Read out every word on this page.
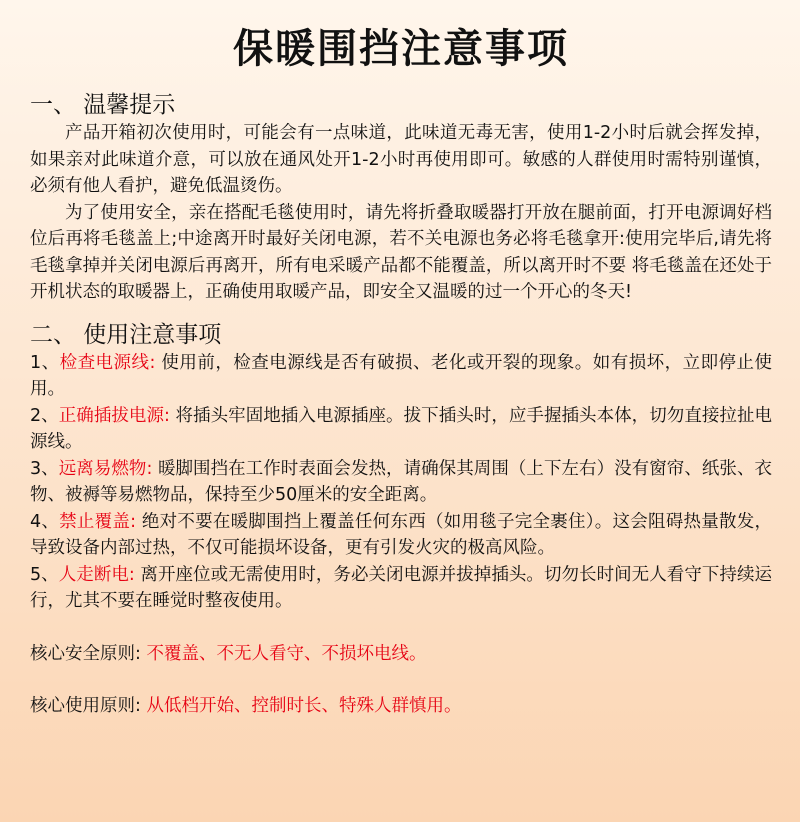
保暖围挡注意事项
一、 温馨提示

产品开箱初次使用时，可能会有一点味道，此味道无毒无害，使用1-2小时后就会挥发掉，如果亲对此味道介意，可以放在通风处开1-2小时再使用即可。敏感的人群使用时需特别谨慎，必须有他人看护，避免低温烫伤。

为了使用安全，亲在搭配毛毯使用时，请先将折叠取暖器打开放在腿前面，打开电源调好档位后再将毛毯盖上;中途离开时最好关闭电源，若不关电源也务必将毛毯拿开:使用完毕后,请先将毛毯拿掉并关闭电源后再离开，所有电采暖产品都不能覆盖，所以离开时不要 将毛毯盖在还处于开机状态的取暖器上，正确使用取暖产品，即安全又温暖的过一个开心的冬天!

二、 使用注意事项

1、检查电源线: 使用前，检查电源线是否有破损、老化或开裂的现象。如有损坏，立即停止使用。

2、正确插拔电源: 将插头牢固地插入电源插座。拔下插头时，应手握插头本体，切勿直接拉扯电源线。

3、远离易燃物: 暖脚围挡在工作时表面会发热，请确保其周围（上下左右）没有窗帘、纸张、衣物、被褥等易燃物品，保持至少50厘米的安全距离。

4、禁止覆盖: 绝对不要在暖脚围挡上覆盖任何东西（如用毯子完全裹住）。这会阻碍热量散发，导致设备内部过热，不仅可能损坏设备，更有引发火灾的极高风险。

5、人走断电: 离开座位或无需使用时，务必关闭电源并拔掉插头。切勿长时间无人看守下持续运行，尤其不要在睡觉时整夜使用。

核心安全原则: 不覆盖、不无人看守、不损坏电线。

核心使用原则: 从低档开始、控制时长、特殊人群慎用。
